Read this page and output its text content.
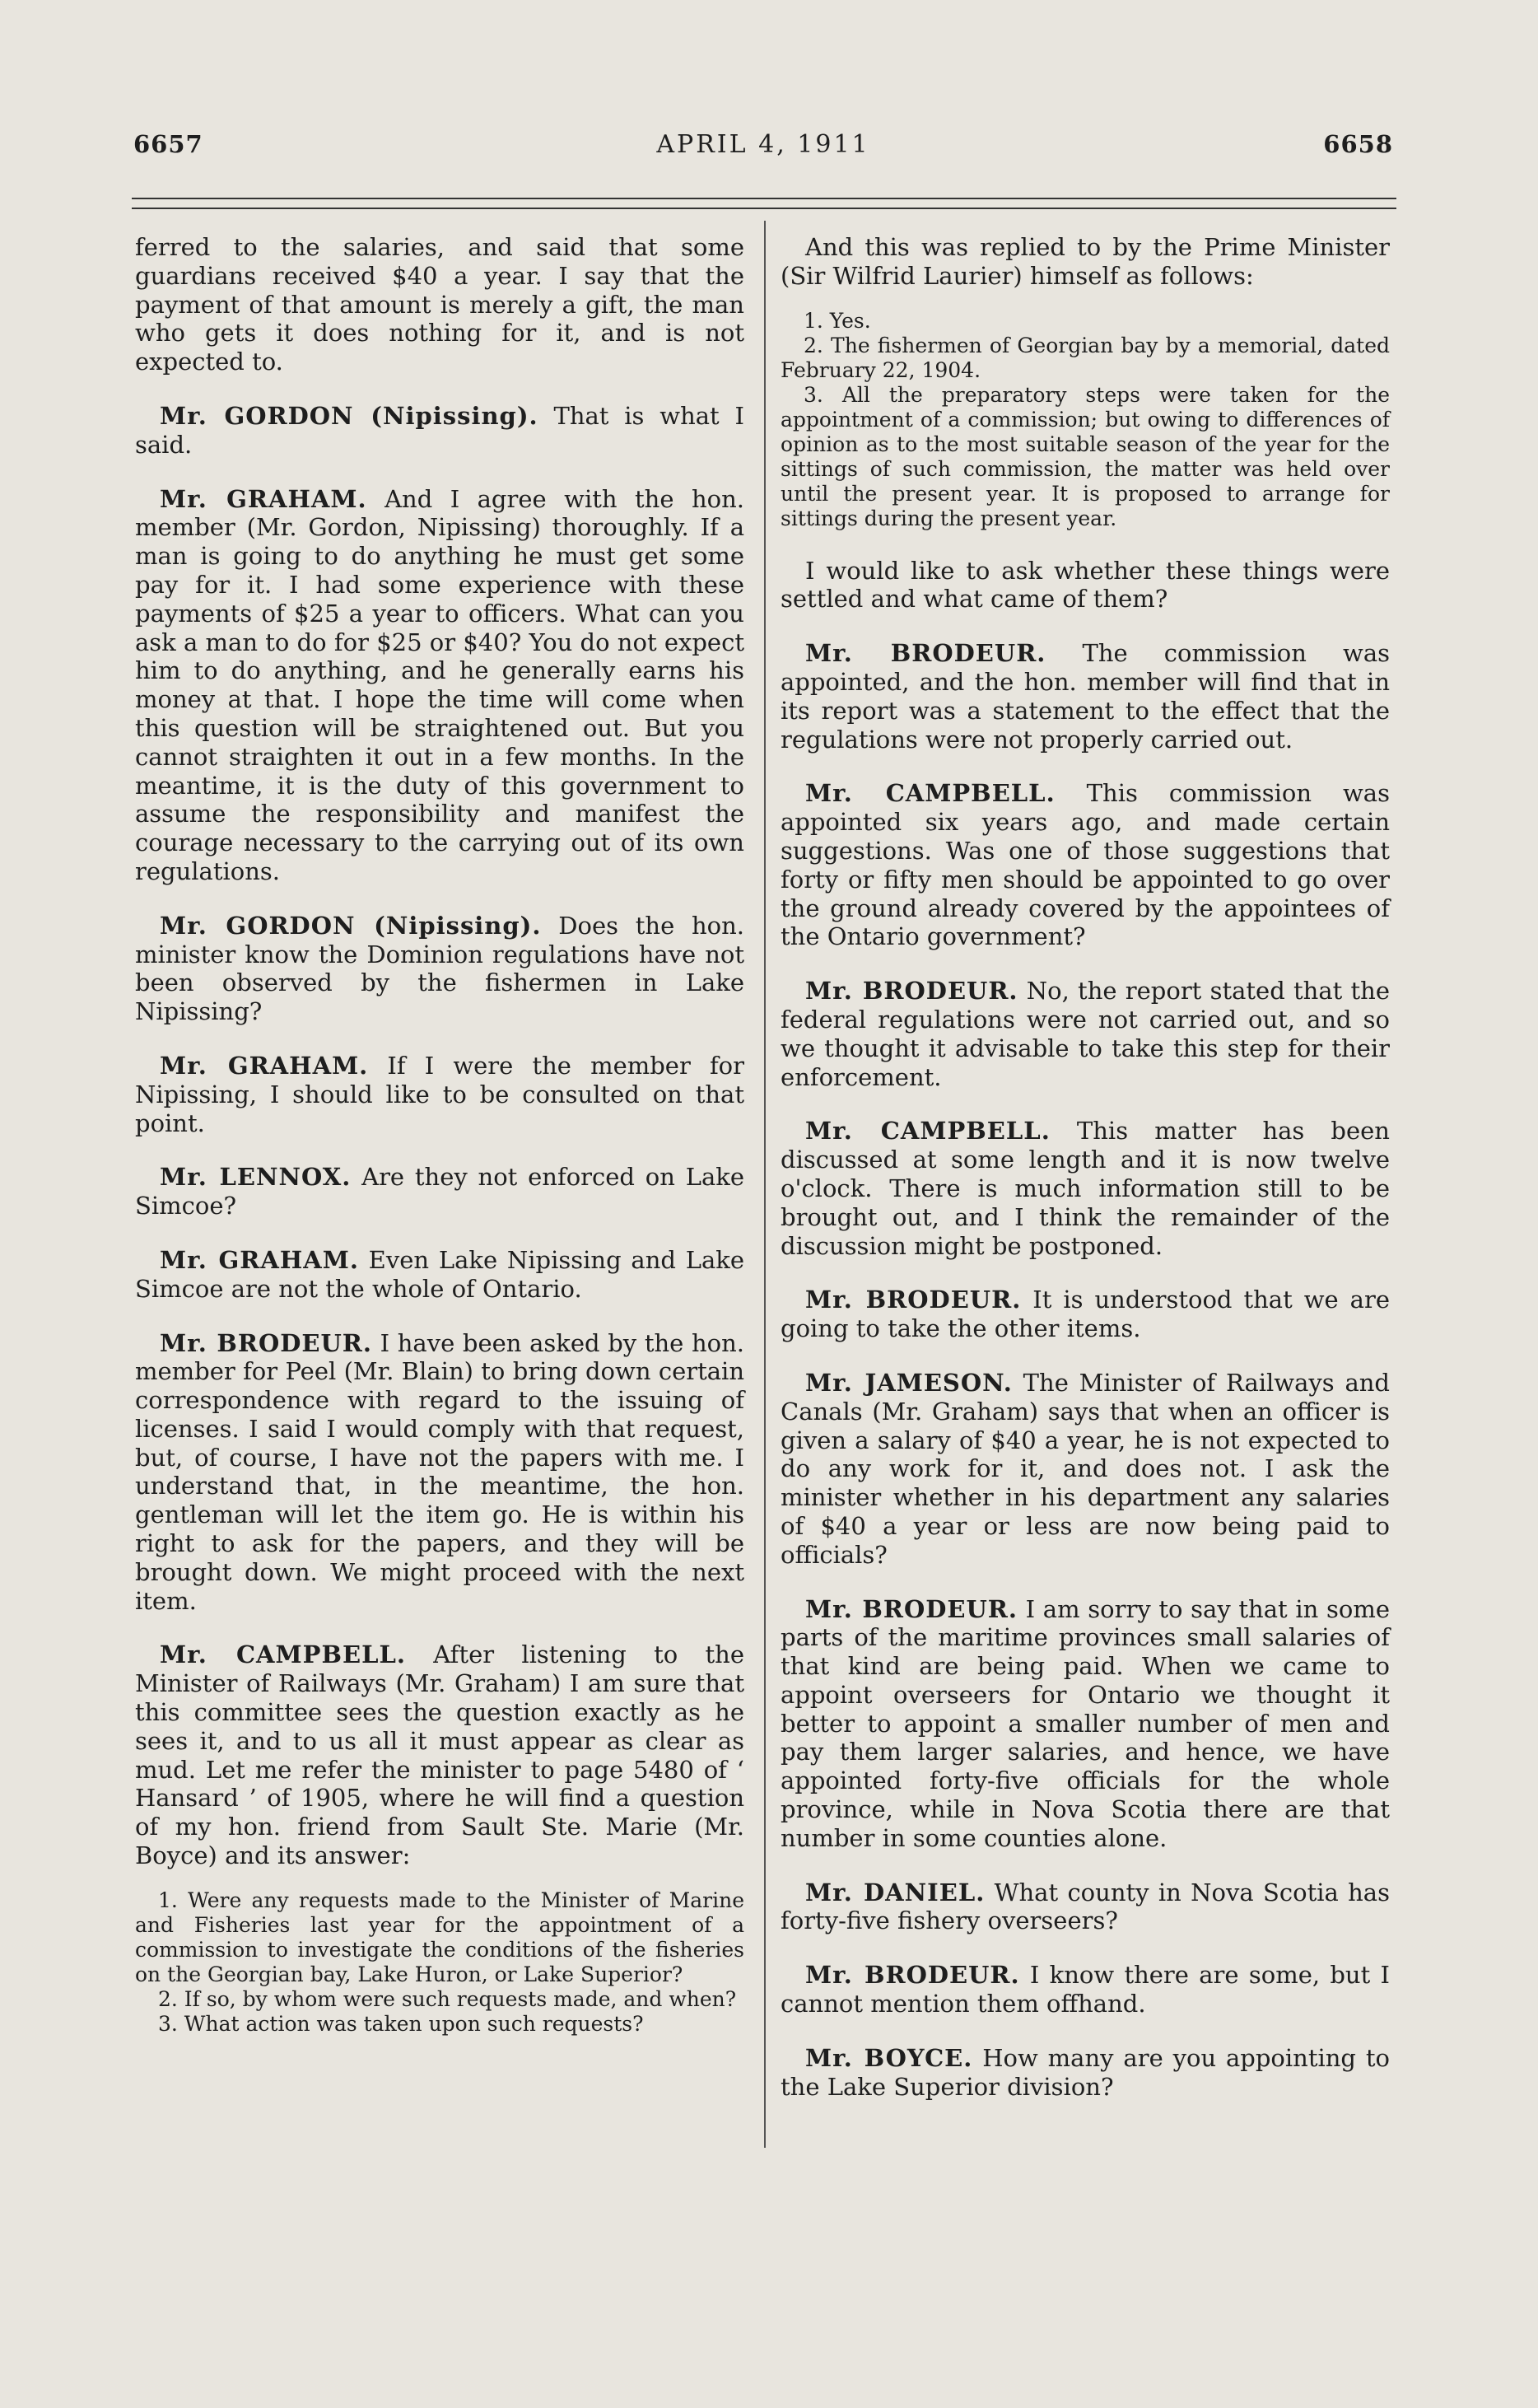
6657	APRIL 4, 1911	6658

ferred to the salaries, and said that some guardians received $40 a year. I say that the payment of that amount is merely a gift, the man who gets it does nothing for it, and is not expected to.

Mr. GORDON (Nipissing). That is what I said.

Mr. GRAHAM. And I agree with the hon. member (Mr. Gordon, Nipissing) thoroughly. If a man is going to do anything he must get some pay for it. I had some experience with these payments of $25 a year to officers. What can you ask a man to do for $25 or $40? You do not expect him to do anything, and he generally earns his money at that. I hope the time will come when this question will be straightened out. But you cannot straighten it out in a few months. In the meantime, it is the duty of this government to assume the responsibility and manifest the courage necessary to the carrying out of its own regulations.

Mr. GORDON (Nipissing). Does the hon. minister know the Dominion regulations have not been observed by the fishermen in Lake Nipissing?

Mr. GRAHAM. If I were the member for Nipissing, I should like to be consulted on that point.

Mr. LENNOX. Are they not enforced on Lake Simcoe?

Mr. GRAHAM. Even Lake Nipissing and Lake Simcoe are not the whole of Ontario.

Mr. BRODEUR. I have been asked by the hon. member for Peel (Mr. Blain) to bring down certain correspondence with regard to the issuing of licenses. I said I would comply with that request, but, of course, I have not the papers with me. I understand that, in the meantime, the hon. gentleman will let the item go. He is within his right to ask for the papers, and they will be brought down. We might proceed with the next item.

Mr. CAMPBELL. After listening to the Minister of Railways (Mr. Graham) I am sure that this committee sees the question exactly as he sees it, and to us all it must appear as clear as mud. Let me refer the minister to page 5480 of ‘ Hansard ’ of 1905, where he will find a question of my hon. friend from Sault Ste. Marie (Mr. Boyce) and its answer:

1. Were any requests made to the Minister of Marine and Fisheries last year for the appointment of a commission to investigate the conditions of the fisheries on the Georgian bay, Lake Huron, or Lake Superior?

2. If so, by whom were such requests made, and when?

3. What action was taken upon such requests?

And this was replied to by the Prime Minister (Sir Wilfrid Laurier) himself as follows:

1. Yes.

2. The fishermen of Georgian bay by a memorial, dated February 22, 1904.

3. All the preparatory steps were taken for the appointment of a commission; but owing to differences of opinion as to the most suitable season of the year for the sittings of such commission, the matter was held over until the present year. It is proposed to arrange for sittings during the present year.

I would like to ask whether these things were settled and what came of them?

Mr. BRODEUR. The commission was appointed, and the hon. member will find that in its report was a statement to the effect that the regulations were not properly carried out.

Mr. CAMPBELL. This commission was appointed six years ago, and made certain suggestions. Was one of those suggestions that forty or fifty men should be appointed to go over the ground already covered by the appointees of the Ontario government?

Mr. BRODEUR. No, the report stated that the federal regulations were not carried out, and so we thought it advisable to take this step for their enforcement.

Mr. CAMPBELL. This matter has been discussed at some length and it is now twelve o'clock. There is much information still to be brought out, and I think the remainder of the discussion might be postponed.

Mr. BRODEUR. It is understood that we are going to take the other items.

Mr. JAMESON. The Minister of Railways and Canals (Mr. Graham) says that when an officer is given a salary of $40 a year, he is not expected to do any work for it, and does not. I ask the minister whether in his department any salaries of $40 a year or less are now being paid to officials?

Mr. BRODEUR. I am sorry to say that in some parts of the maritime provinces small salaries of that kind are being paid. When we came to appoint overseers for Ontario we thought it better to appoint a smaller number of men and pay them larger salaries, and hence, we have appointed forty-five officials for the whole province, while in Nova Scotia there are that number in some counties alone.

Mr. DANIEL. What county in Nova Scotia has forty-five fishery overseers?

Mr. BRODEUR. I know there are some, but I cannot mention them offhand.

Mr. BOYCE. How many are you appointing to the Lake Superior division?
